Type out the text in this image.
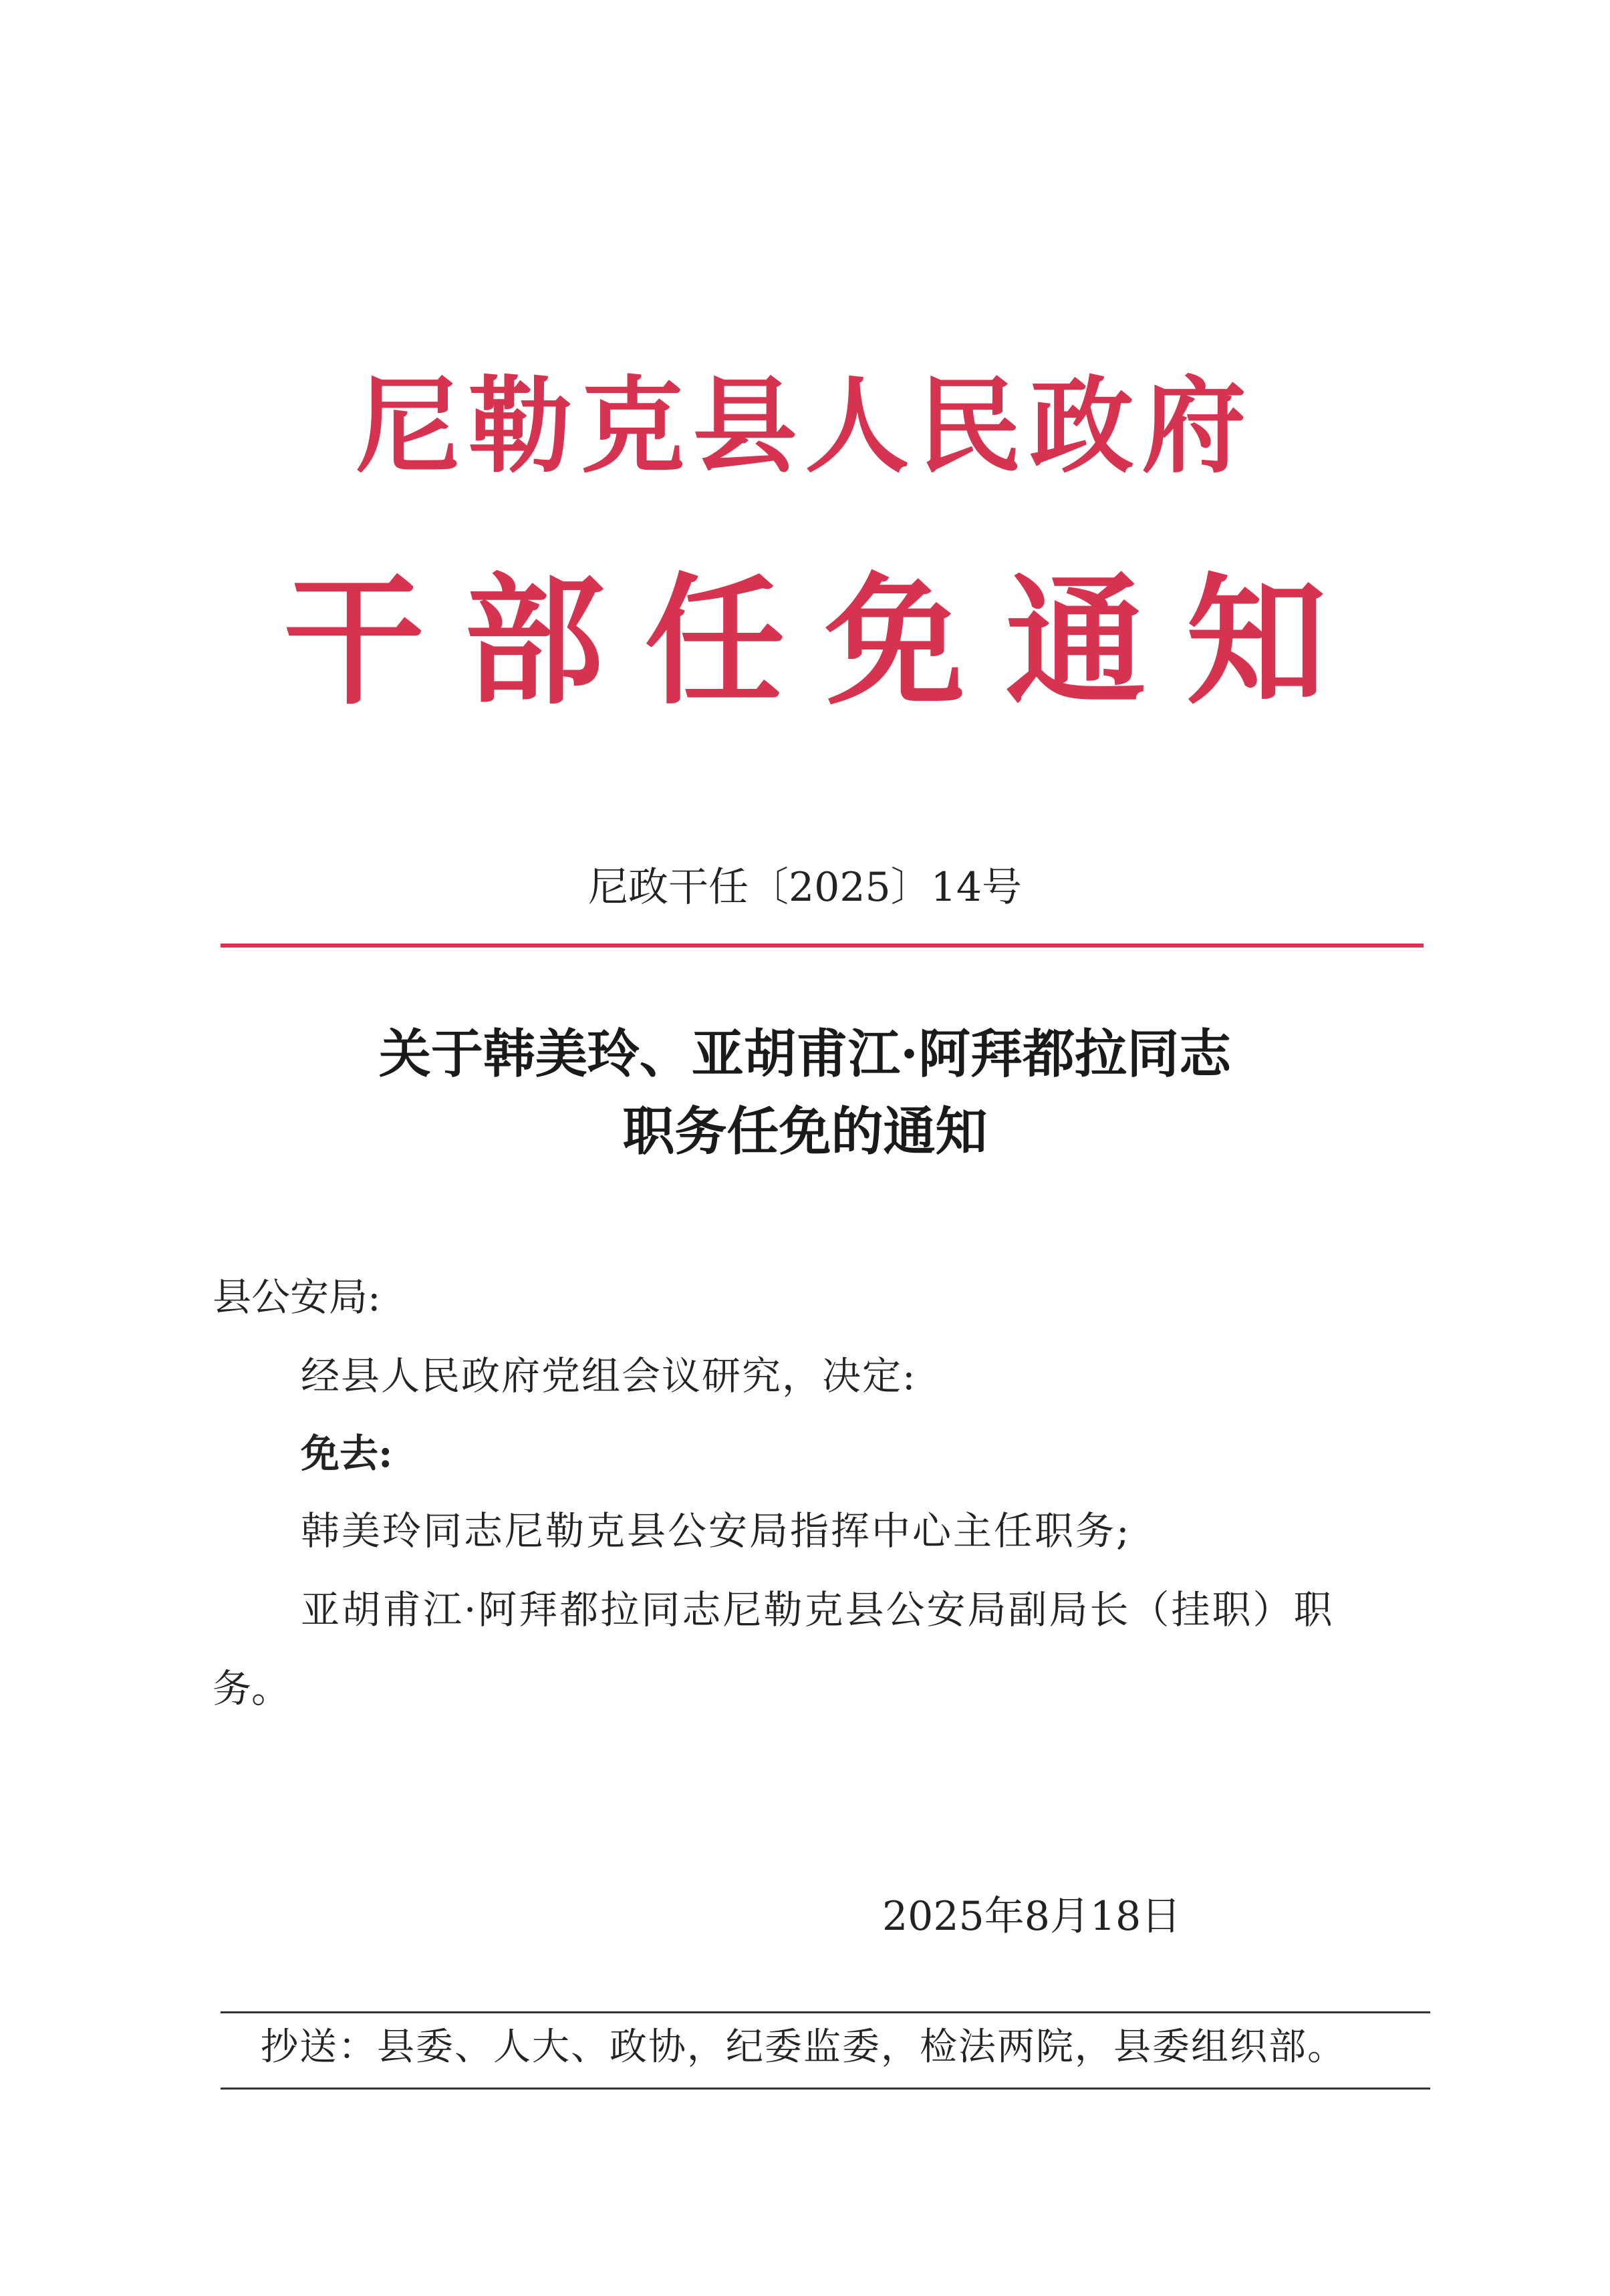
尼勒克县人民政府
干部任免通知
尼政干任〔2025〕14号
关于韩美玲、亚胡甫江·阿拜都拉同志
职务任免的通知
县公安局:
经县人民政府党组会议研究，决定:
免去:
韩美玲同志尼勒克县公安局指挥中心主任职务;
亚胡甫江·阿拜都拉同志尼勒克县公安局副局长（挂职）职
务。
2025年8月18日
抄送：县委、人大、政协，纪委监委，检法两院，县委组织部。
